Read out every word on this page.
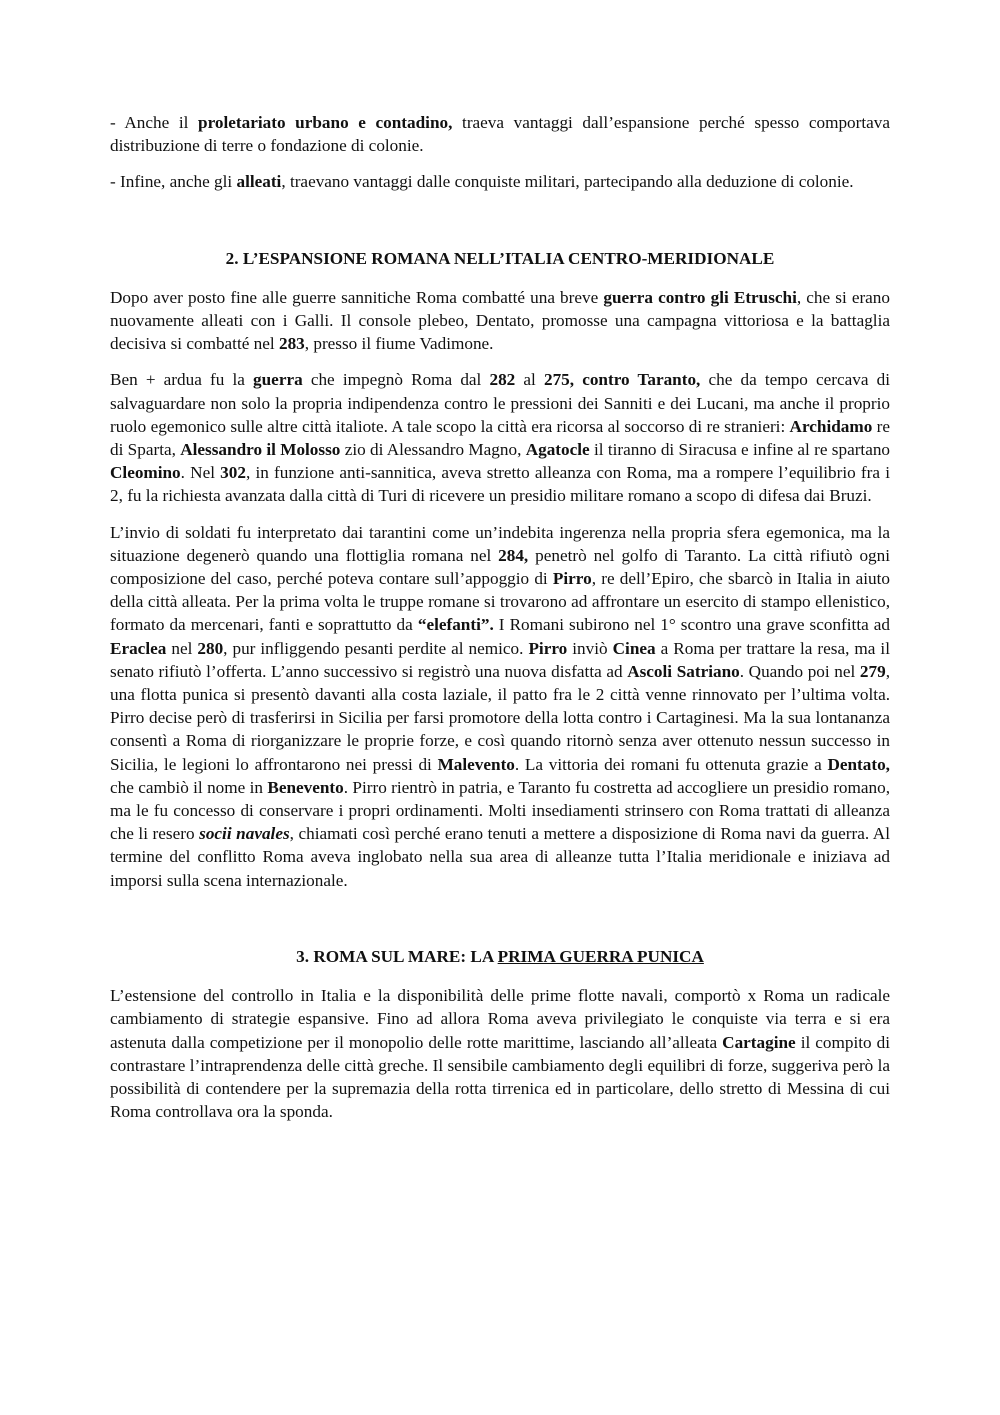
- Anche il proletariato urbano e contadino, traeva vantaggi dall’espansione perché spesso comportava distribuzione di terre o fondazione di colonie.

- Infine, anche gli alleati, traevano vantaggi dalle conquiste militari, partecipando alla deduzione di colonie.

2. L’ESPANSIONE ROMANA NELL’ITALIA CENTRO-MERIDIONALE

Dopo aver posto fine alle guerre sannitiche Roma combatté una breve guerra contro gli Etruschi, che si erano nuovamente alleati con i Galli. Il console plebeo, Dentato, promosse una campagna vittoriosa e la battaglia decisiva si combatté nel 283, presso il fiume Vadimone.

Ben + ardua fu la guerra che impegnò Roma dal 282 al 275, contro Taranto, che da tempo cercava di salvaguardare non solo la propria indipendenza contro le pressioni dei Sanniti e dei Lucani, ma anche il proprio ruolo egemonico sulle altre città italiote. A tale scopo la città era ricorsa al soccorso di re stranieri: Archidamo re di Sparta, Alessandro il Molosso zio di Alessandro Magno, Agatocle il tiranno di Siracusa e infine al re spartano Cleomino. Nel 302, in funzione anti-sannitica, aveva stretto alleanza con Roma, ma a rompere l’equilibrio fra i 2, fu la richiesta avanzata dalla città di Turi di ricevere un presidio militare romano a scopo di difesa dai Bruzi.

L’invio di soldati fu interpretato dai tarantini come un’indebita ingerenza nella propria sfera egemonica, ma la situazione degenerò quando una flottiglia romana nel 284, penetrò nel golfo di Taranto. La città rifiutò ogni composizione del caso, perché poteva contare sull’appoggio di Pirro, re dell’Epiro, che sbarcò in Italia in aiuto della città alleata. Per la prima volta le truppe romane si trovarono ad affrontare un esercito di stampo ellenistico, formato da mercenari, fanti e soprattutto da “elefanti”. I Romani subirono nel 1° scontro una grave sconfitta ad Eraclea nel 280, pur infliggendo pesanti perdite al nemico. Pirro inviò Cinea a Roma per trattare la resa, ma il senato rifiutò l’offerta. L’anno successivo si registrò una nuova disfatta ad Ascoli Satriano. Quando poi nel 279, una flotta punica si presentò davanti alla costa laziale, il patto fra le 2 città venne rinnovato per l’ultima volta. Pirro decise però di trasferirsi in Sicilia per farsi promotore della lotta contro i Cartaginesi. Ma la sua lontananza consentì a Roma di riorganizzare le proprie forze, e così quando ritornò senza aver ottenuto nessun successo in Sicilia, le legioni lo affrontarono nei pressi di Malevento. La vittoria dei romani fu ottenuta grazie a Dentato, che cambiò il nome in Benevento. Pirro rientrò in patria, e Taranto fu costretta ad accogliere un presidio romano, ma le fu concesso di conservare i propri ordinamenti. Molti insediamenti strinsero con Roma trattati di alleanza che li resero socii navales, chiamati così perché erano tenuti a mettere a disposizione di Roma navi da guerra. Al termine del conflitto Roma aveva inglobato nella sua area di alleanze tutta l’Italia meridionale e iniziava ad imporsi sulla scena internazionale.

3. ROMA SUL MARE: LA PRIMA GUERRA PUNICA

L’estensione del controllo in Italia e la disponibilità delle prime flotte navali, comportò x Roma un radicale cambiamento di strategie espansive. Fino ad allora Roma aveva privilegiato le conquiste via terra e si era astenuta dalla competizione per il monopolio delle rotte marittime, lasciando all’alleata Cartagine il compito di contrastare l’intraprendenza delle città greche. Il sensibile cambiamento degli equilibri di forze, suggeriva però la possibilità di contendere per la supremazia della rotta tirrenica ed in particolare, dello stretto di Messina di cui Roma controllava ora la sponda.
